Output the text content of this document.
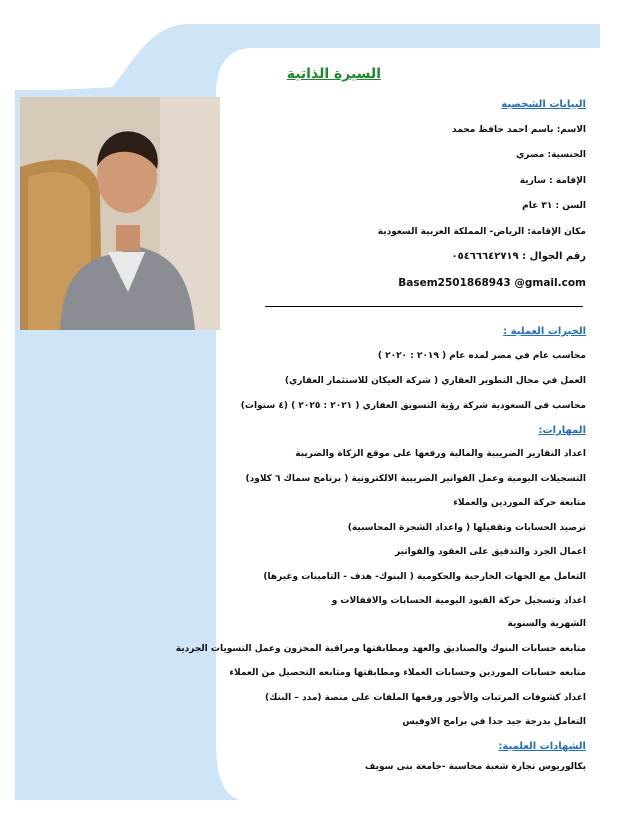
السيرة الذاتية
البيانات الشخصية
الاسم: باسم احمد حافظ محمد
الجنسية: مصري
الإقامة : سارية
السن : ٣١ عام
مكان الإقامة: الرياض- المملكة العربية السعودية
رقم الجوال : ٠٥٤٦٦٦٤٢٧١٩
Basem2501868943 @gmail.com
الخبرات العملية :
محاسب عام في مصر لمده عام ( ٢٠١٩ : ٢٠٢٠ )
العمل في مجال التطوير العقاري ( شركة العيكان للاستثمار العقاري)
محاسب في السعودية شركة رؤية التسويق العقاري ( ٢٠٢١ : ٢٠٢٥ ) (٤ سنوات)
المهارات:
اعداد التقارير الضريبية والمالية ورفعها على موقع الزكاة والضريبة
التسجيلات اليومية وعمل الفواتير الضريبية الالكترونية ( برنامج سماك ٦ كلاود)
متابعة حركة الموردين والعملاء
ترصيد الحسابات وتقفيلها ( واعداد الشجرة المحاسبية)
اعمال الجرد والتدقيق على العقود والفواتير
التعامل مع الجهات الخارجية والحكومية ( البنوك- هدف - التامينات وغيرها)
اعداد وتسجيل حركة القيود اليومية الحسابات والاقفالات و
الشهرية والسنوية
متابعه حسابات البنوك والصناديق والعهد ومطابقتها ومراقبة المخزون وعمل التسويات الجردية
متابعه حسابات الموردين وحسابات العملاء ومطابقتها ومتابعه التحصيل من العملاء
اعداد كشوفات المرتبات والأجور ورفعها الملفات على منصة (مدد – البنك)
التعامل بدرجة جيد جدا في برامج الاوفيس
الشهادات العلمية:
بكالوريوس تجارة شعبة محاسبة -جامعة بنى سويف
